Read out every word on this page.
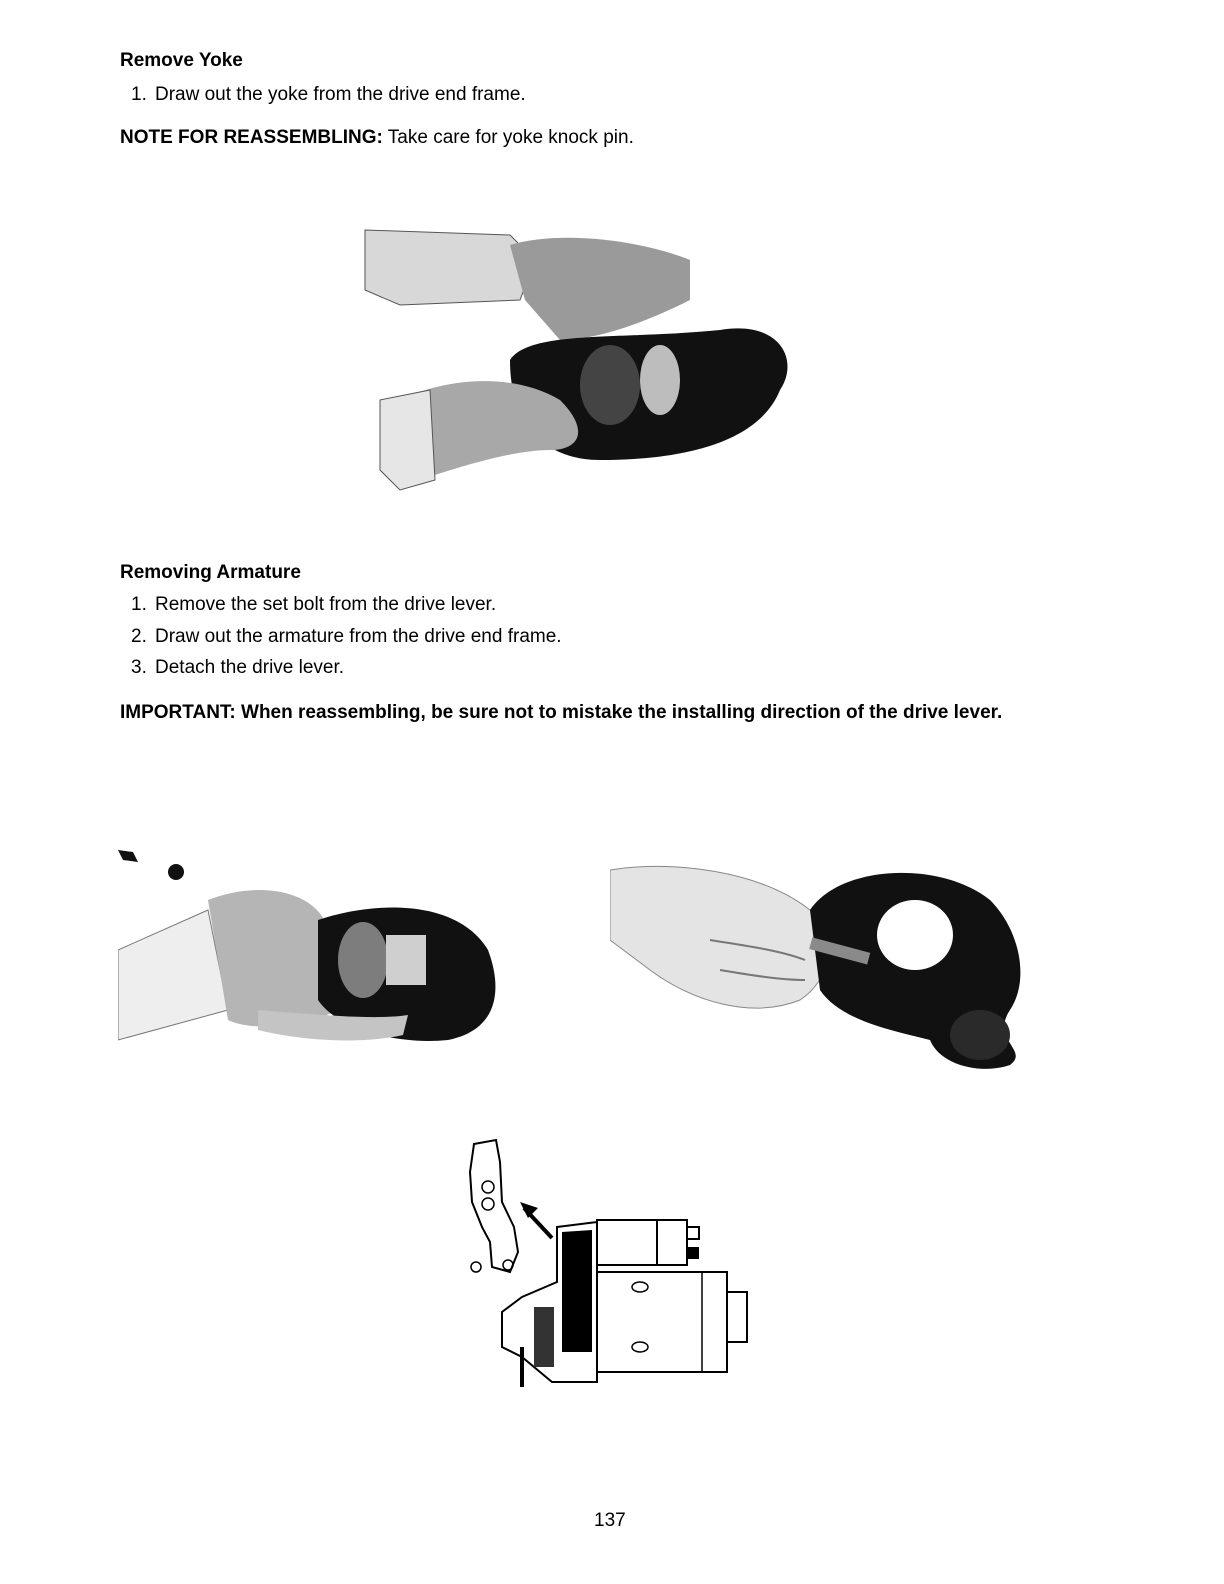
Remove Yoke
1. Draw out the yoke from the drive end frame.
NOTE FOR REASSEMBLING: Take care for yoke knock pin.
Removing Armature
1. Remove the set bolt from the drive lever.
2. Draw out the armature from the drive end frame.
3. Detach the drive lever.
IMPORTANT: When reassembling, be sure not to mistake the installing direction of the drive lever.
137
